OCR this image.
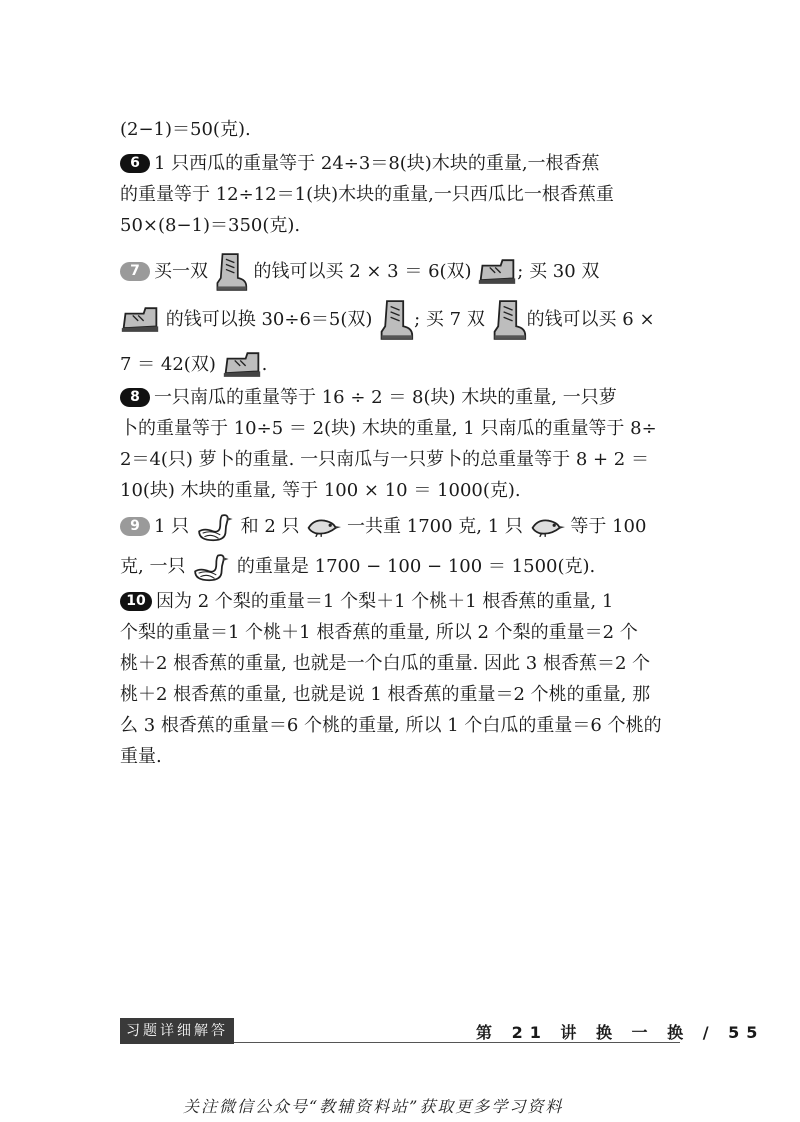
(2−1)＝50(克).
6 1 只西瓜的重量等于 24÷3＝8(块)木块的重量,一根香蕉
的重量等于 12÷12＝1(块)木块的重量,一只西瓜比一根香蕉重
50×(8−1)＝350(克).
7 买一双	的钱可以买 2 × 3 ＝ 6(双)	; 买 30 双
的钱可以换 30÷6＝5(双) ; 买 7 双 的钱可以买 6 ×
7 ＝ 42(双)	.
8 一只南瓜的重量等于 16 ÷ 2 ＝ 8(块) 木块的重量, 一只萝
卜的重量等于 10÷5 ＝ 2(块) 木块的重量, 1 只南瓜的重量等于 8÷
2＝4(只) 萝卜的重量. 一只南瓜与一只萝卜的总重量等于 8 + 2 ＝
10(块) 木块的重量, 等于 100 × 10 ＝ 1000(克).
9 1 只	和 2 只	一共重 1700 克, 1 只	等于 100
克, 一只	的重量是 1700 − 100 − 100 ＝ 1500(克).
10 因为 2 个梨的重量＝1 个梨＋1 个桃＋1 根香蕉的重量, 1
个梨的重量＝1 个桃＋1 根香蕉的重量, 所以 2 个梨的重量＝2 个
桃＋2 根香蕉的重量, 也就是一个白瓜的重量. 因此 3 根香蕉＝2 个
桃＋2 根香蕉的重量, 也就是说 1 根香蕉的重量＝2 个桃的重量, 那
么 3 根香蕉的重量＝6 个桃的重量, 所以 1 个白瓜的重量＝6 个桃的
重量.
习题详细解答	第 21 讲 换 一 换 / 55
关注微信公众号“教辅资料站”获取更多学习资料
